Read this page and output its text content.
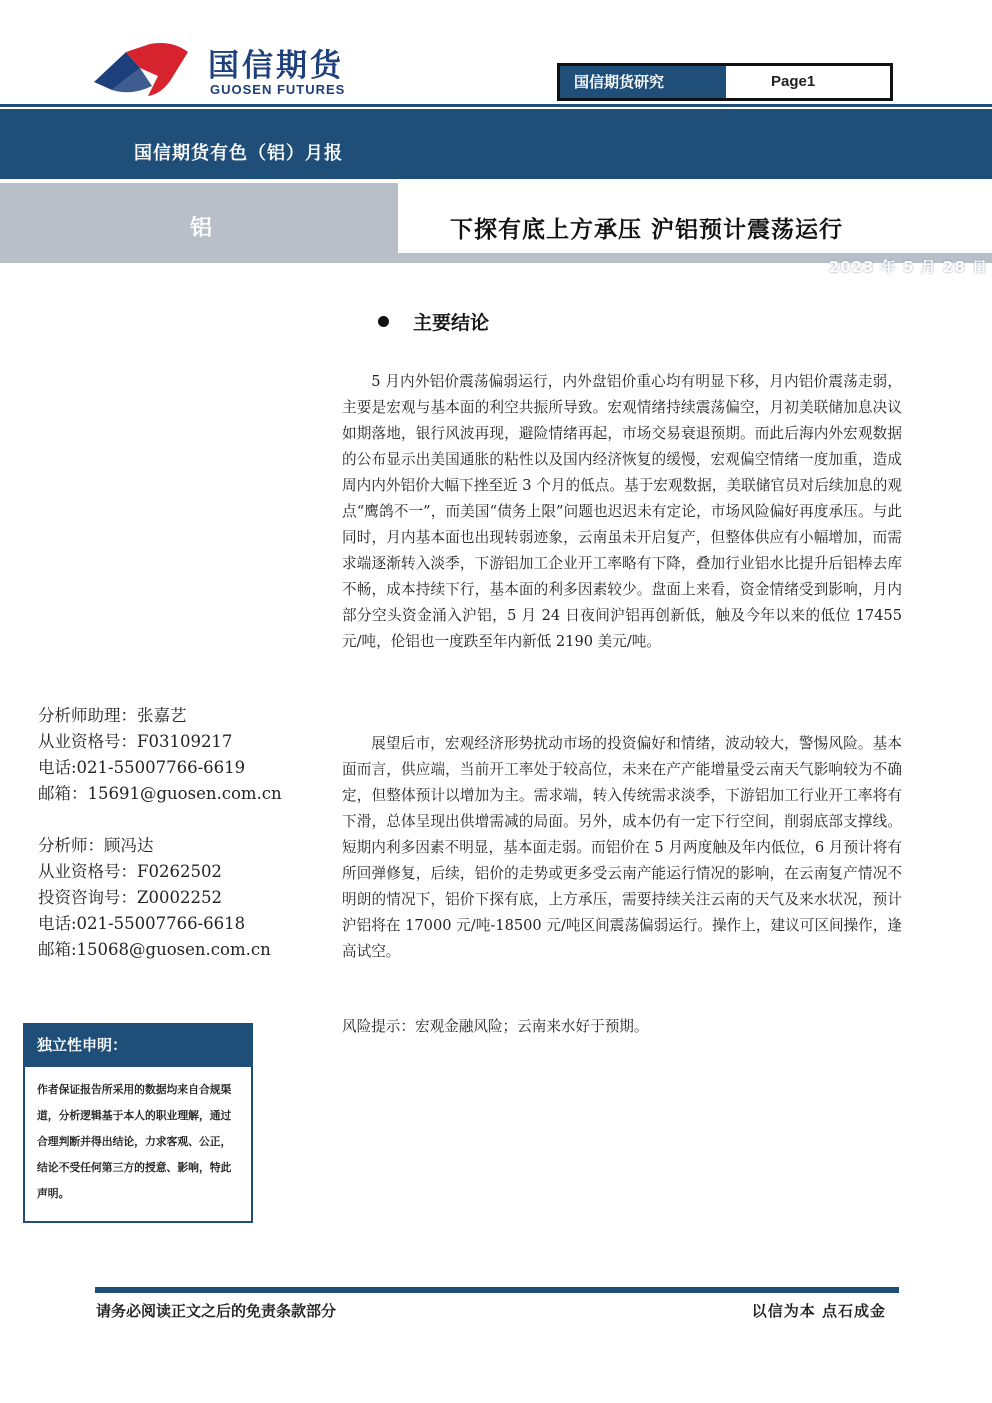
国信期货
GUOSEN FUTURES	国信期货研究	Page1
国信期货有色（铝）月报
铝	下探有底上方承压 沪铝预计震荡运行
2023 年 5 月 28 日
主要结论

5 月内外铝价震荡偏弱运行，内外盘铝价重心均有明显下移，月内铝价震荡走弱，主要是宏观与基本面的利空共振所导致。宏观情绪持续震荡偏空，月初美联储加息决议如期落地，银行风波再现，避险情绪再起，市场交易衰退预期。而此后海内外宏观数据的公布显示出美国通胀的粘性以及国内经济恢复的缓慢，宏观偏空情绪一度加重，造成周内内外铝价大幅下挫至近 3 个月的低点。基于宏观数据，美联储官员对后续加息的观点“鹰鸽不一”，而美国“债务上限”问题也迟迟未有定论，市场风险偏好再度承压。与此同时，月内基本面也出现转弱迹象，云南虽未开启复产，但整体供应有小幅增加，而需求端逐渐转入淡季，下游铝加工企业开工率略有下降，叠加行业铝水比提升后铝棒去库不畅，成本持续下行，基本面的利多因素较少。盘面上来看，资金情绪受到影响，月内部分空头资金涌入沪铝，5 月 24 日夜间沪铝再创新低，触及今年以来的低位 17455 元/吨，伦铝也一度跌至年内新低 2190 美元/吨。

展望后市，宏观经济形势扰动市场的投资偏好和情绪，波动较大，警惕风险。基本面而言，供应端，当前开工率处于较高位，未来在产产能增量受云南天气影响较为不确定，但整体预计以增加为主。需求端，转入传统需求淡季，下游铝加工行业开工率将有下滑，总体呈现出供增需减的局面。另外，成本仍有一定下行空间，削弱底部支撑线。短期内利多因素不明显，基本面走弱。而铝价在 5 月两度触及年内低位，6 月预计将有所回弹修复，后续，铝价的走势或更多受云南产能运行情况的影响，在云南复产情况不明朗的情况下，铝价下探有底，上方承压，需要持续关注云南的天气及来水状况，预计沪铝将在 17000 元/吨-18500 元/吨区间震荡偏弱运行。操作上，建议可区间操作，逢高试空。

风险提示：宏观金融风险；云南来水好于预期。

分析师助理：张嘉艺
从业资格号：F03109217
电话:021-55007766-6619
邮箱：15691@guosen.com.cn
分析师：顾冯达
从业资格号：F0262502
投资咨询号：Z0002252
电话:021-55007766-6618
邮箱:15068@guosen.com.cn
独立性申明：
作者保证报告所采用的数据均来自合规渠道，分析逻辑基于本人的职业理解，通过合理判断并得出结论，力求客观、公正，结论不受任何第三方的授意、影响，特此声明。
请务必阅读正文之后的免责条款部分	以信为本 点石成金
